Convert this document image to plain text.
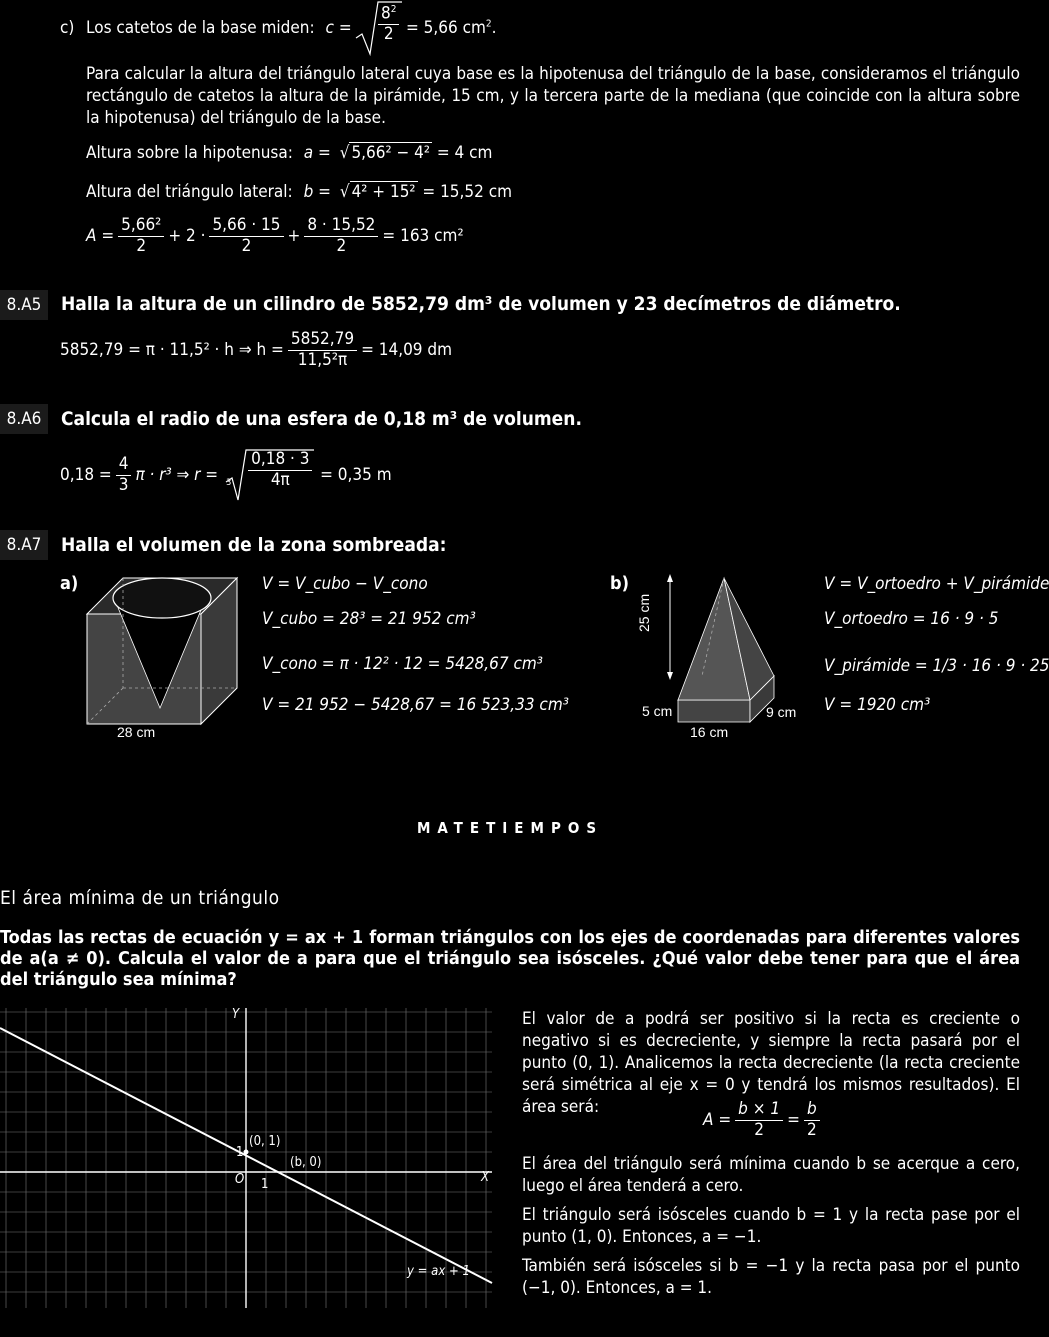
c) Los catetos de la base miden: $c = \frac{8^2}{2} = 5,66$ $cm^2$.
Para calcular la altura del triángulo lateral cuya base es la hipotenusa del triángulo de la base, consideramos el triángulo rectángulo de catetos la altura de la pirámide, 15 cm, y la tercera parte de la mediana (que coincide con la altura sobre la hipotenusa) del triángulo de la base.
Altura sobre la hipotenusa: a = √ 5,66² − 4² = 4 cm
Altura del triángulo lateral: b = √ 4² + 15² = 15,52 cm
$A = \frac{\text{5,66²}}{2} + 2 \cdot \frac{5,66 \cdot 15}{2} + \frac{8 \cdot 15,52}{2} = 163$ cm²
8.A5	Halla la altura de un cilindro de 5852,79 dm³ de volumen y 23 decímetros de diámetro.
5852,79 = π · 11,5² · h ⇒ $h = \frac{5852,79}{\text{11,5²π}} = 14,09$ dm
8.A6	Calcula el radio de una esfera de 0,18 m³ de volumen.
$0,18 = \frac{4}{3}$ π · r³ ⇒ $r = 3 \frac{0,18 \cdot 3}{4\pi} = 0,35$ m
8.A7	Halla el volumen de la zona sombreada:
a)
28 cm
V = V_cubo − V_cono
V_cubo = 28³ = 21 952 cm³
V_cono = π · 12² · 12 = 5428,67 cm³
V = 21 952 − 5428,67 = 16 523,33 cm³
b)
25 cm
5 cm	9 cm
16 cm
V = V_ortoedro + V_pirámide
V_ortoedro = 16 · 9 · 5
V_pirámide = 1/3 · 16 · 9 · 25
V = 1920 cm³
MATETIEMPOS
El área mínima de un triángulo
Todas las rectas de ecuación y = ax + 1 forman triángulos con los ejes de coordenadas para diferentes valores de a(a ≠ 0). Calcula el valor de a para que el triángulo sea isósceles. ¿Qué valor debe tener para que el área del triángulo sea mínima?
Y
X
O 1
1
(0, 1)
(b, 0)
y = ax + 1
El valor de a podrá ser positivo si la recta es creciente o negativo si es decreciente, y siempre la recta pasará por el punto (0, 1). Analicemos la recta decreciente (la recta creciente será simétrica al eje x = 0 y tendrá los mismos resultados). El área será:
$A = \frac{b \times 1}{2} = \frac{b}{2}$
El área del triángulo será mínima cuando b se acerque a cero, luego el área tenderá a cero.
El triángulo será isósceles cuando b = 1 y la recta pase por el punto (1, 0). Entonces, a = −1.
También será isósceles si b = −1 y la recta pasa por el punto (−1, 0). Entonces, a = 1.
